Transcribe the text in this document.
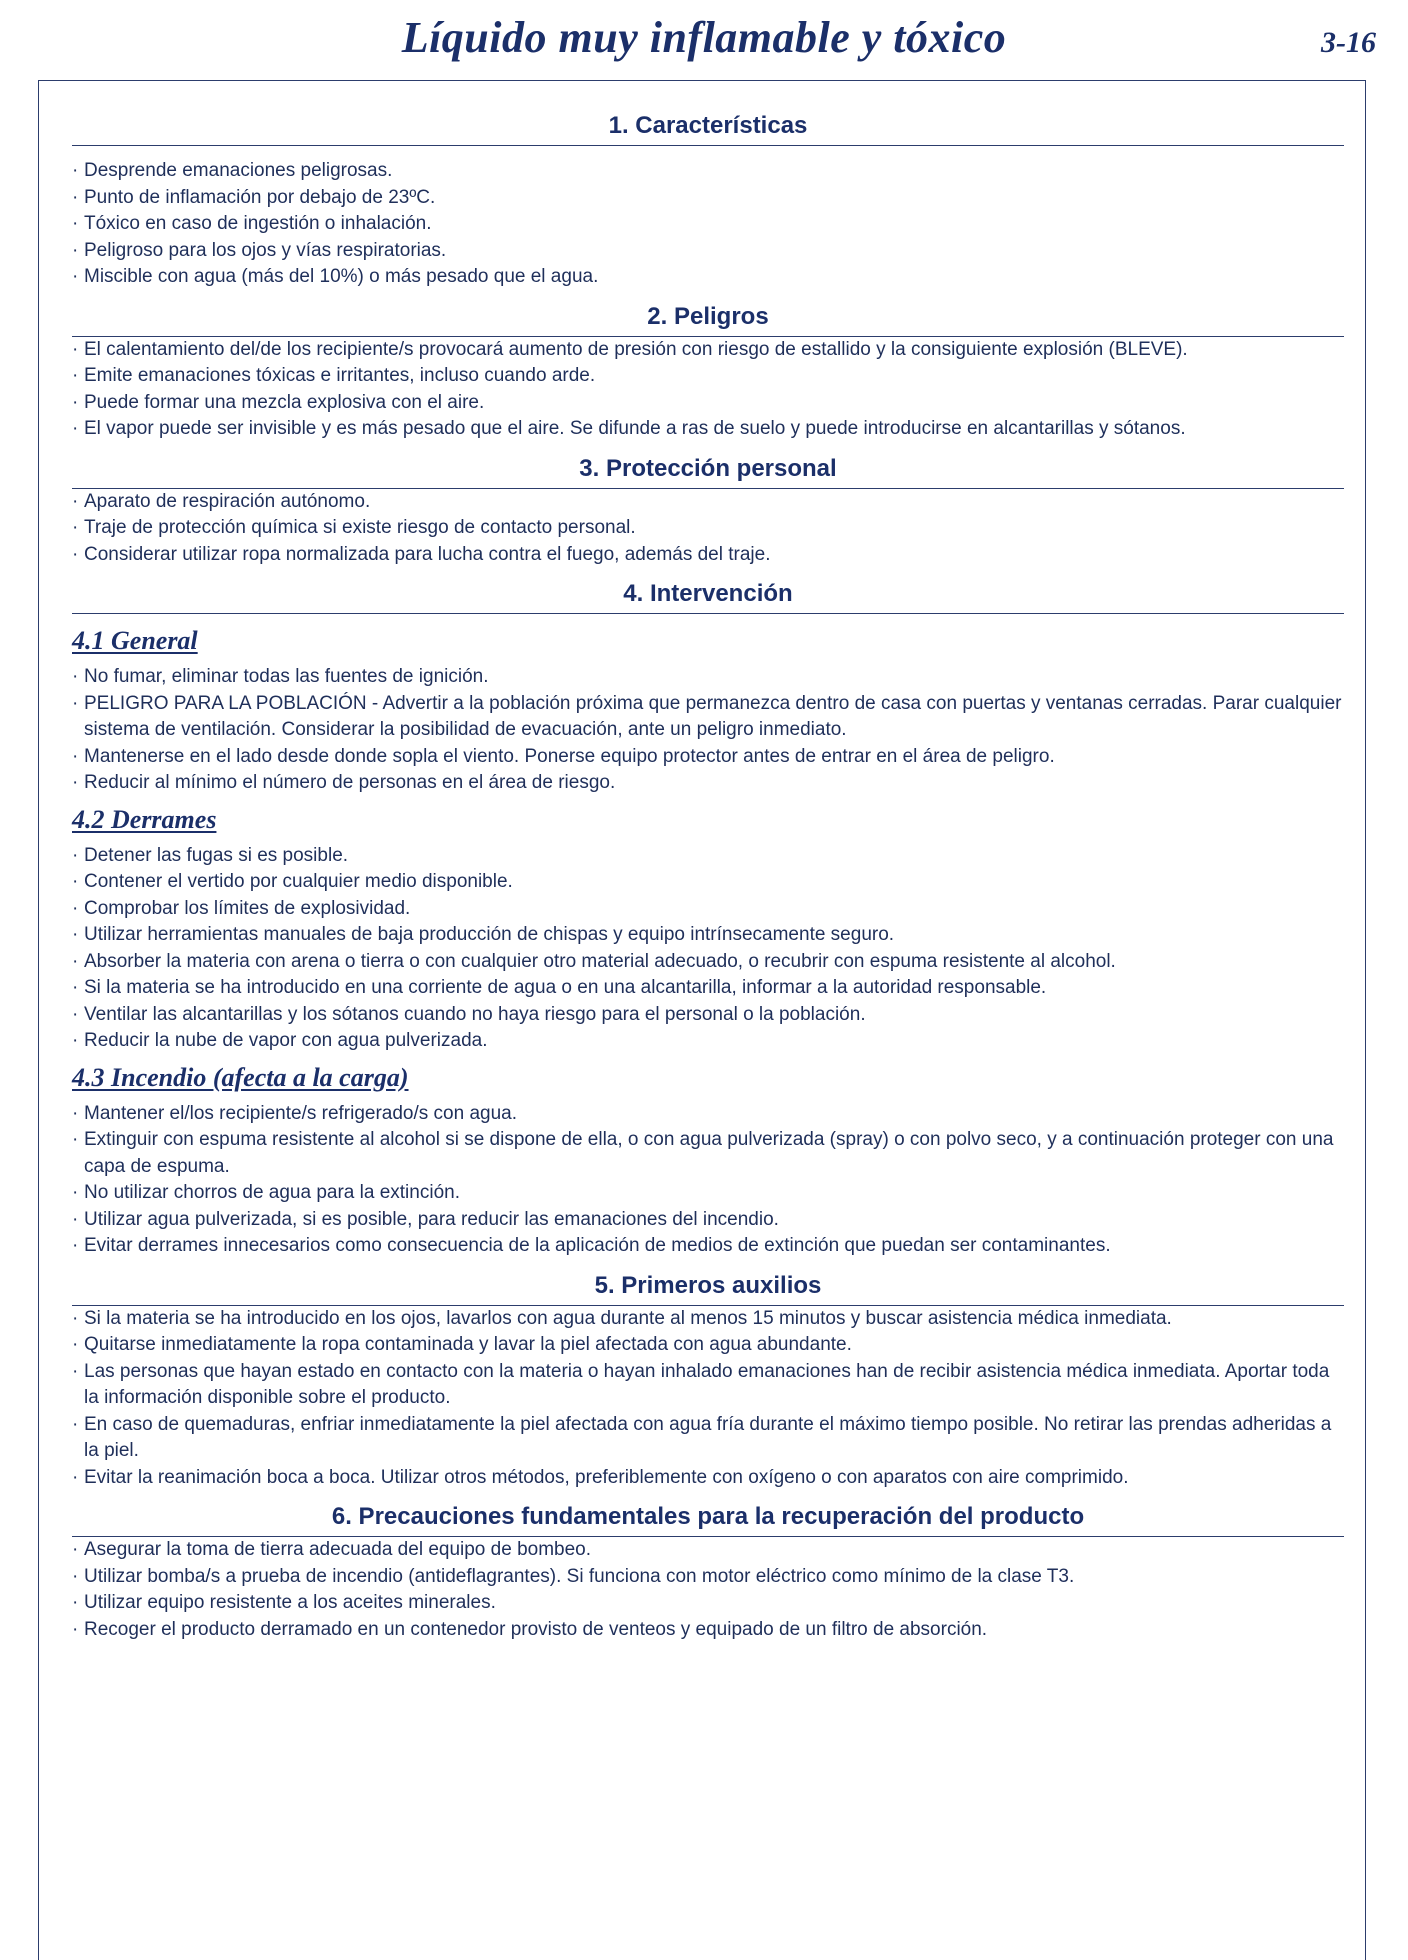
Líquido muy inflamable y tóxico	3-16
1. Características
· Desprende emanaciones peligrosas.
· Punto de inflamación por debajo de 23ºC.
· Tóxico en caso de ingestión o inhalación.
· Peligroso para los ojos y vías respiratorias.
· Miscible con agua (más del 10%) o más pesado que el agua.
2. Peligros
· El calentamiento del/de los recipiente/s provocará aumento de presión con riesgo de estallido y la consiguiente explosión (BLEVE).
· Emite emanaciones tóxicas e irritantes, incluso cuando arde.
· Puede formar una mezcla explosiva con el aire.
· El vapor puede ser invisible y es más pesado que el aire. Se difunde a ras de suelo y puede introducirse en alcantarillas y sótanos.
3. Protección personal
· Aparato de respiración autónomo.
· Traje de protección química si existe riesgo de contacto personal.
· Considerar utilizar ropa normalizada para lucha contra el fuego, además del traje.
4. Intervención
4.1 General
· No fumar, eliminar todas las fuentes de ignición.
· PELIGRO PARA LA POBLACIÓN - Advertir a la población próxima que permanezca dentro de casa con puertas y ventanas cerradas. Parar cualquier sistema de ventilación. Considerar la posibilidad de evacuación, ante un peligro inmediato.
· Mantenerse en el lado desde donde sopla el viento. Ponerse equipo protector antes de entrar en el área de peligro.
· Reducir al mínimo el número de personas en el área de riesgo.
4.2 Derrames
· Detener las fugas si es posible.
· Contener el vertido por cualquier medio disponible.
· Comprobar los límites de explosividad.
· Utilizar herramientas manuales de baja producción de chispas y equipo intrínsecamente seguro.
· Absorber la materia con arena o tierra o con cualquier otro material adecuado, o recubrir con espuma resistente al alcohol.
· Si la materia se ha introducido en una corriente de agua o en una alcantarilla, informar a la autoridad responsable.
· Ventilar las alcantarillas y los sótanos cuando no haya riesgo para el personal o la población.
· Reducir la nube de vapor con agua pulverizada.
4.3 Incendio (afecta a la carga)
· Mantener el/los recipiente/s refrigerado/s con agua.
· Extinguir con espuma resistente al alcohol si se dispone de ella, o con agua pulverizada (spray) o con polvo seco, y a continuación proteger con una capa de espuma.
· No utilizar chorros de agua para la extinción.
· Utilizar agua pulverizada, si es posible, para reducir las emanaciones del incendio.
· Evitar derrames innecesarios como consecuencia de la aplicación de medios de extinción que puedan ser contaminantes.
5. Primeros auxilios
· Si la materia se ha introducido en los ojos, lavarlos con agua durante al menos 15 minutos y buscar asistencia médica inmediata.
· Quitarse inmediatamente la ropa contaminada y lavar la piel afectada con agua abundante.
· Las personas que hayan estado en contacto con la materia o hayan inhalado emanaciones han de recibir asistencia médica inmediata. Aportar toda la información disponible sobre el producto.
· En caso de quemaduras, enfriar inmediatamente la piel afectada con agua fría durante el máximo tiempo posible. No retirar las prendas adheridas a la piel.
· Evitar la reanimación boca a boca. Utilizar otros métodos, preferiblemente con oxígeno o con aparatos con aire comprimido.
6. Precauciones fundamentales para la recuperación del producto
· Asegurar la toma de tierra adecuada del equipo de bombeo.
· Utilizar bomba/s a prueba de incendio (antideflagrantes). Si funciona con motor eléctrico como mínimo de la clase T3.
· Utilizar equipo resistente a los aceites minerales.
· Recoger el producto derramado en un contenedor provisto de venteos y equipado de un filtro de absorción.
